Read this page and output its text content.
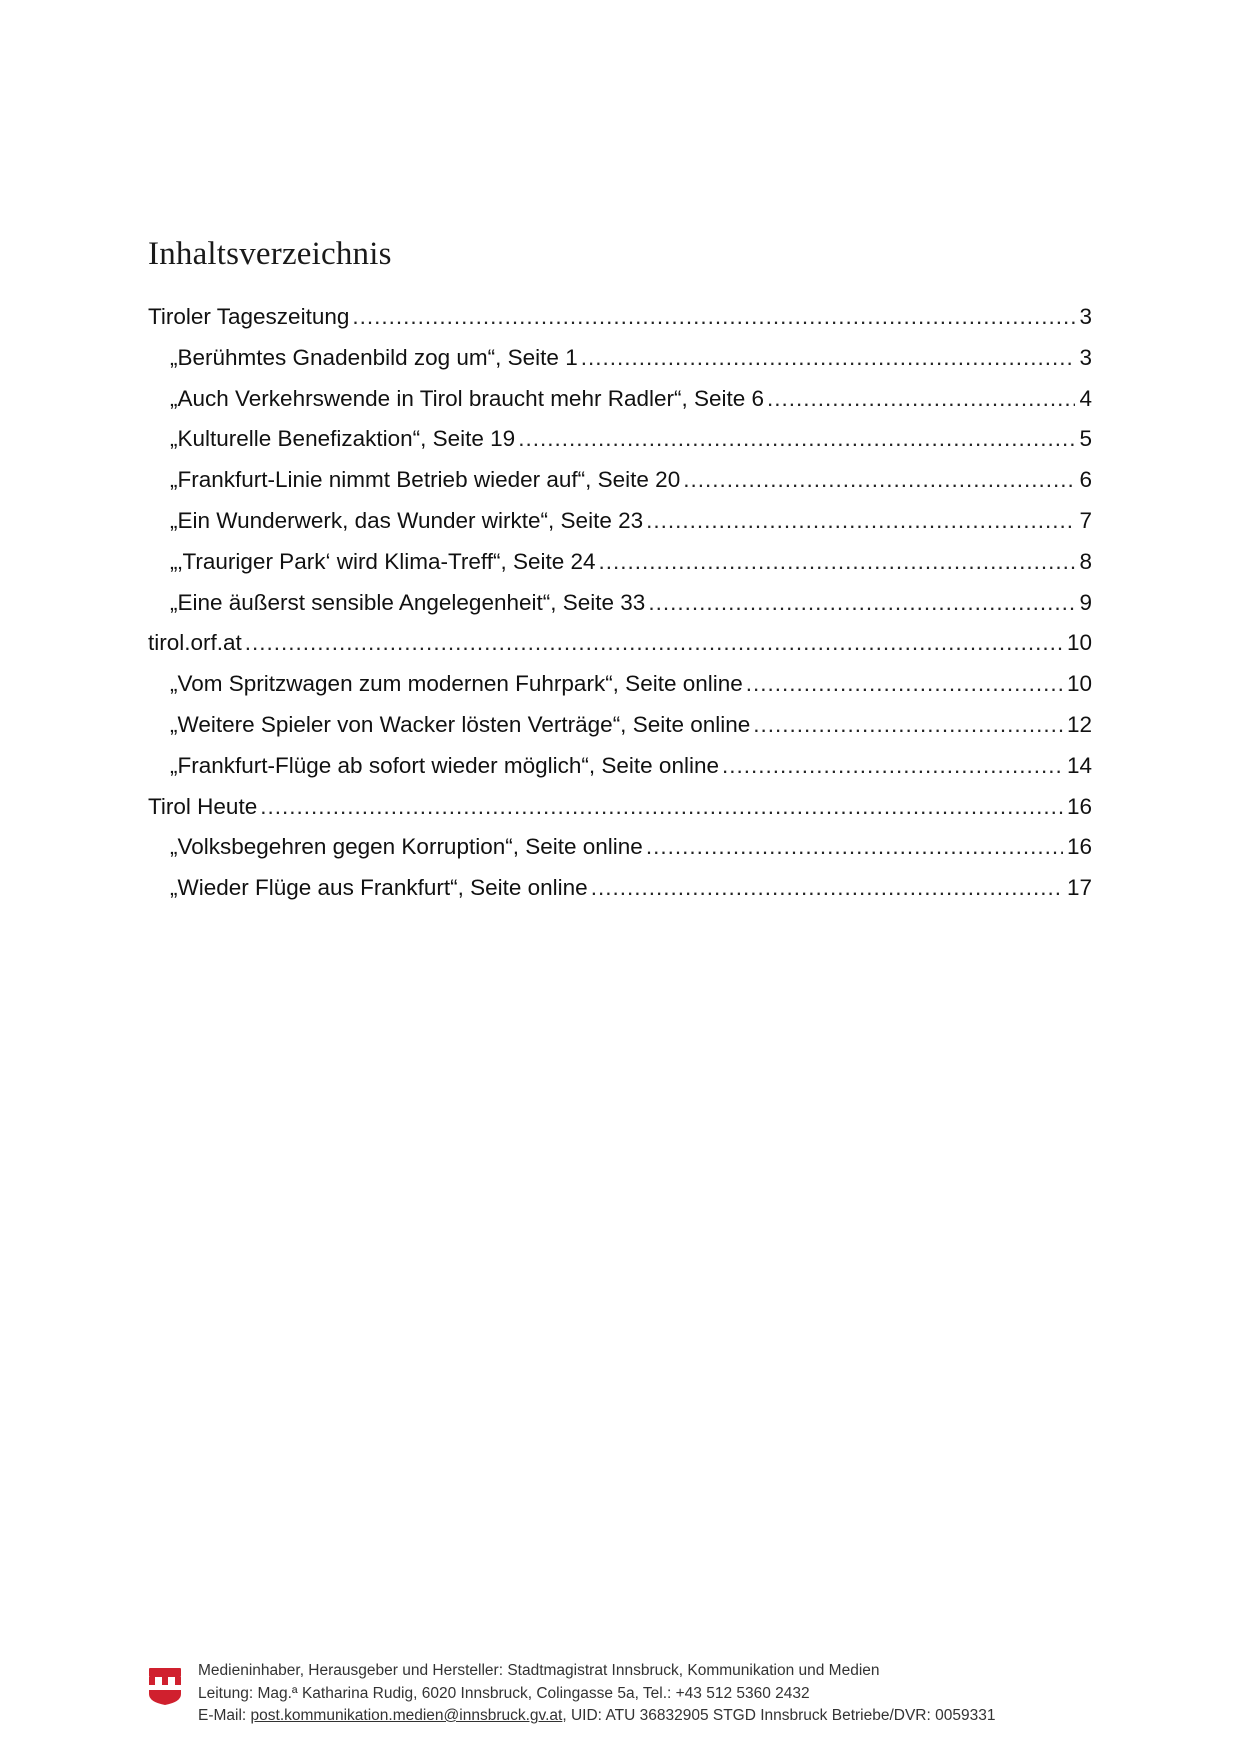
Inhaltsverzeichnis
Tiroler Tageszeitung .....	3
„Berühmtes Gnadenbild zog um“, Seite 1 .....	3
„Auch Verkehrswende in Tirol braucht mehr Radler“, Seite 6 .....	4
„Kulturelle Benefizaktion“, Seite 19 .....	5
„Frankfurt-Linie nimmt Betrieb wieder auf“, Seite 20 .....	6
„Ein Wunderwerk, das Wunder wirkte“, Seite 23 .....	7
„‚Trauriger Park‘ wird Klima-Treff“, Seite 24 .....	8
„Eine äußerst sensible Angelegenheit“, Seite 33 .....	9
tirol.orf.at .....	10
„Vom Spritzwagen zum modernen Fuhrpark“, Seite online .....	10
„Weitere Spieler von Wacker lösten Verträge“, Seite online .....	12
„Frankfurt-Flüge ab sofort wieder möglich“, Seite online .....	14
Tirol Heute .....	16
„Volksbegehren gegen Korruption“, Seite online .....	16
„Wieder Flüge aus Frankfurt“, Seite online .....	17
Medieninhaber, Herausgeber und Hersteller: Stadtmagistrat Innsbruck, Kommunikation und Medien
Leitung: Mag.ª Katharina Rudig, 6020 Innsbruck, Colingasse 5a, Tel.: +43 512 5360 2432
E-Mail: post.kommunikation.medien@innsbruck.gv.at, UID: ATU 36832905 STGD Innsbruck Betriebe/DVR: 0059331
